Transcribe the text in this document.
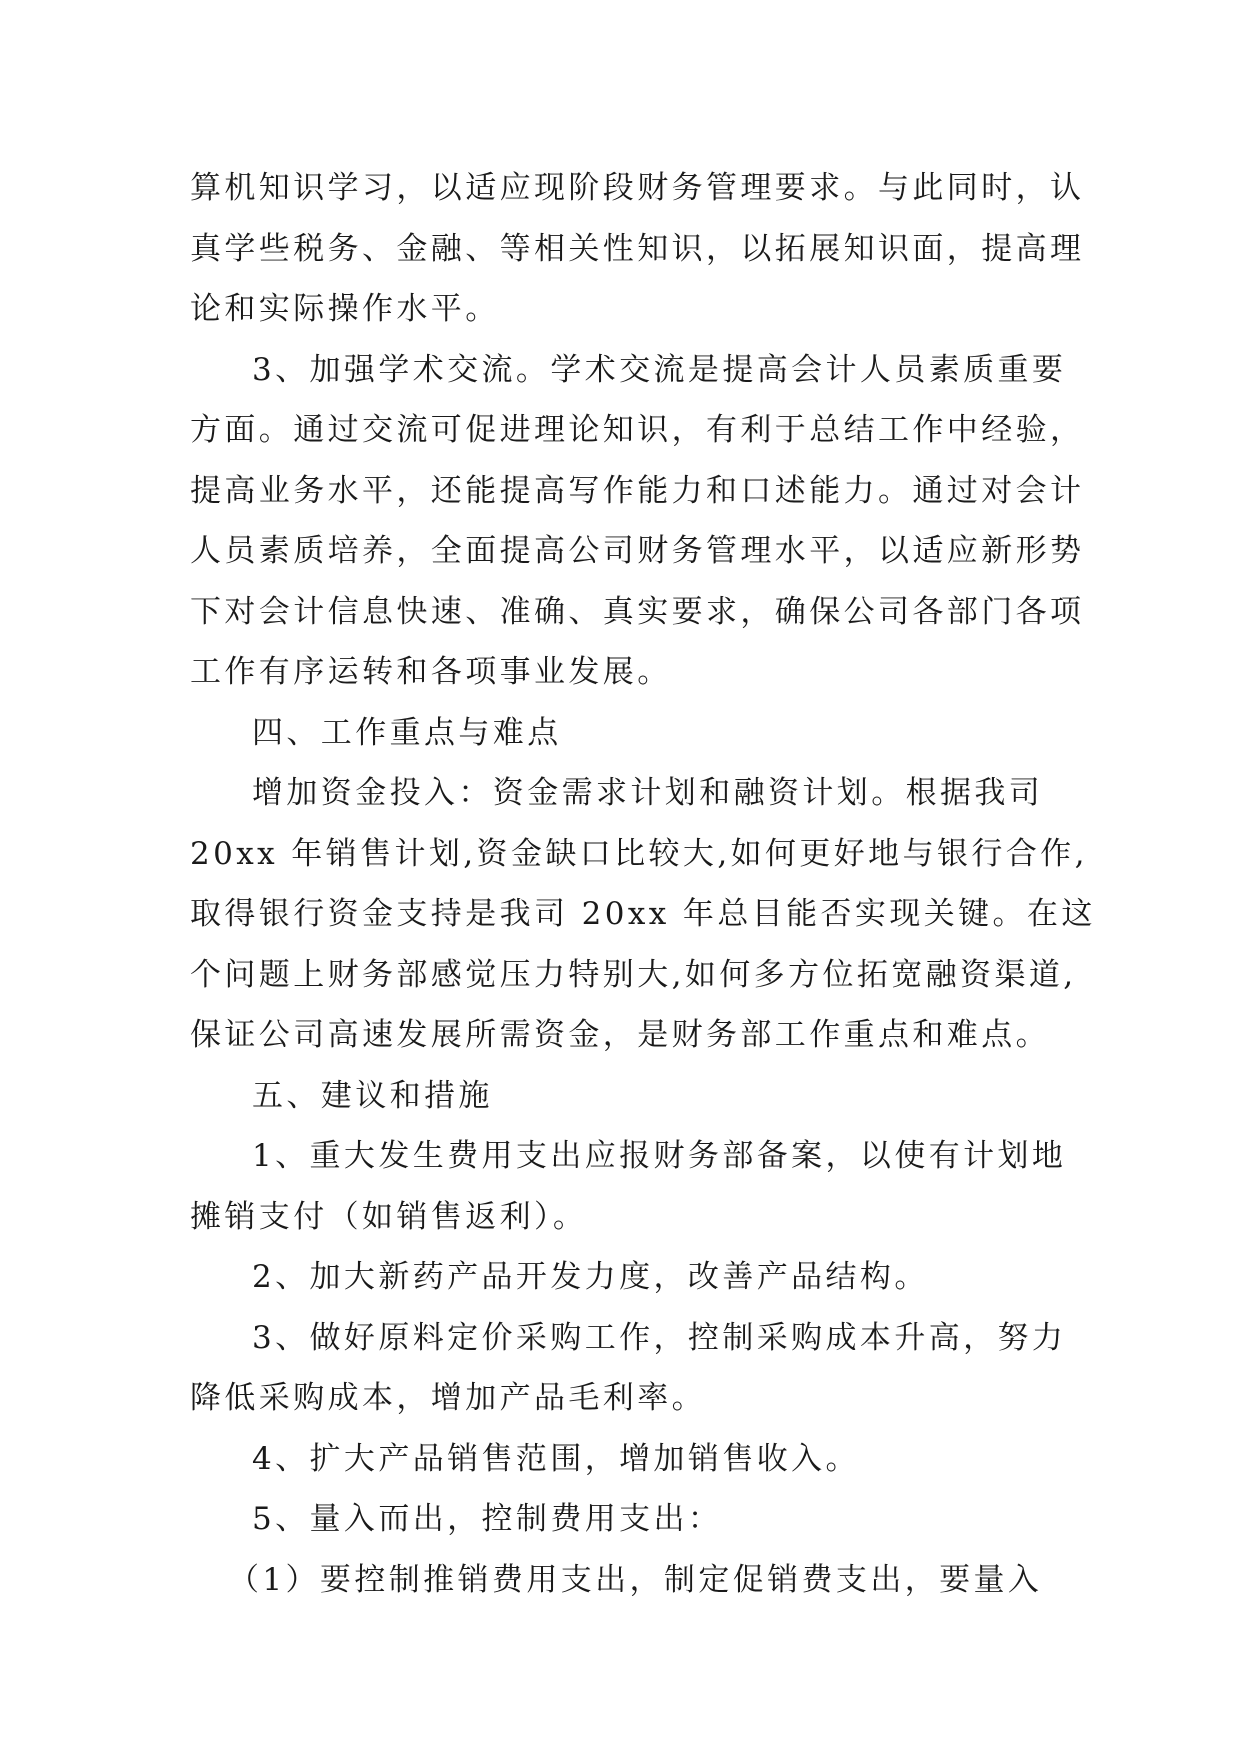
算机知识学习，以适应现阶段财务管理要求。与此同时，认
真学些税务、金融、等相关性知识，以拓展知识面，提高理
论和实际操作水平。
3、加强学术交流。学术交流是提高会计人员素质重要
方面。通过交流可促进理论知识，有利于总结工作中经验，
提高业务水平，还能提高写作能力和口述能力。通过对会计
人员素质培养，全面提高公司财务管理水平，以适应新形势
下对会计信息快速、准确、真实要求，确保公司各部门各项
工作有序运转和各项事业发展。
四、工作重点与难点
增加资金投入：资金需求计划和融资计划。根据我司
20xx 年销售计划,资金缺口比较大,如何更好地与银行合作,
取得银行资金支持是我司 20xx 年总目能否实现关键。在这
个问题上财务部感觉压力特别大,如何多方位拓宽融资渠道,
保证公司高速发展所需资金，是财务部工作重点和难点。
五、建议和措施
1、重大发生费用支出应报财务部备案，以使有计划地
摊销支付（如销售返利）。
2、加大新药产品开发力度，改善产品结构。
3、做好原料定价采购工作，控制采购成本升高，努力
降低采购成本，增加产品毛利率。
4、扩大产品销售范围，增加销售收入。
5、量入而出，控制费用支出：
（1）要控制推销费用支出，制定促销费支出，要量入
